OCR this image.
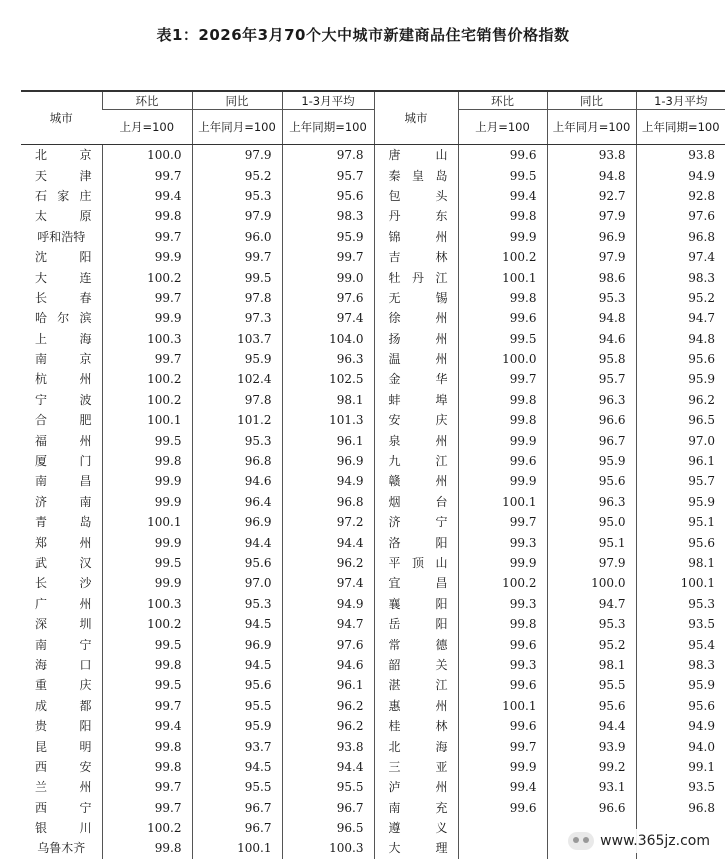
表1：2026年3月70个大中城市新建商品住宅销售价格指数
城市	环比	同比	1-3月平均	城市	环比	同比	1-3月平均
	上月=100	上年同月=100	上年同期=100		上月=100	上年同月=100	上年同期=100

北 京	100.0	97.9	97.8	唐 山	99.6	93.8	93.8

天 津	99.7	95.2	95.7	秦 皇 岛	99.5	94.8	94.9

石 家 庄	99.4	95.3	95.6	包 头	99.4	92.7	92.8

太 原	99.8	97.9	98.3	丹 东	99.8	97.9	97.6

呼和浩特	99.7	96.0	95.9	锦 州	99.9	96.9	96.8

沈 阳	99.9	99.7	99.7	吉 林	100.2	97.9	97.4

大 连	100.2	99.5	99.0	牡 丹 江	100.1	98.6	98.3

长 春	99.7	97.8	97.6	无 锡	99.8	95.3	95.2

哈 尔 滨	99.9	97.3	97.4	徐 州	99.6	94.8	94.7

上 海	100.3	103.7	104.0	扬 州	99.5	94.6	94.8

南 京	99.7	95.9	96.3	温 州	100.0	95.8	95.6

杭 州	100.2	102.4	102.5	金 华	99.7	95.7	95.9

宁 波	100.2	97.8	98.1	蚌 埠	99.8	96.3	96.2

合 肥	100.1	101.2	101.3	安 庆	99.8	96.6	96.5

福 州	99.5	95.3	96.1	泉 州	99.9	96.7	97.0

厦 门	99.8	96.8	96.9	九 江	99.6	95.9	96.1

南 昌	99.9	94.6	94.9	赣 州	99.9	95.6	95.7

济 南	99.9	96.4	96.8	烟 台	100.1	96.3	95.9

青 岛	100.1	96.9	97.2	济 宁	99.7	95.0	95.1

郑 州	99.9	94.4	94.4	洛 阳	99.3	95.1	95.6

武 汉	99.5	95.6	96.2	平 顶 山	99.9	97.9	98.1

长 沙	99.9	97.0	97.4	宜 昌	100.2	100.0	100.1

广 州	100.3	95.3	94.9	襄 阳	99.3	94.7	95.3

深 圳	100.2	94.5	94.7	岳 阳	99.8	95.3	93.5

南 宁	99.5	96.9	97.6	常 德	99.6	95.2	95.4

海 口	99.8	94.5	94.6	韶 关	99.3	98.1	98.3

重 庆	99.5	95.6	96.1	湛 江	99.6	95.5	95.9

成 都	99.7	95.5	96.2	惠 州	100.1	95.6	95.6

贵 阳	99.4	95.9	96.2	桂 林	99.6	94.4	94.9

昆 明	99.8	93.7	93.8	北 海	99.7	93.9	94.0

西 安	99.8	94.5	94.4	三 亚	99.9	99.2	99.1

兰 州	99.7	95.5	95.5	泸 州	99.4	93.1	93.5

西 宁	99.7	96.7	96.7	南 充	99.6	96.6	96.8

银 川	100.2	96.7	96.5	遵 义			

乌鲁木齐	99.8	100.1	100.3	大 理			
				www.365jz.com
